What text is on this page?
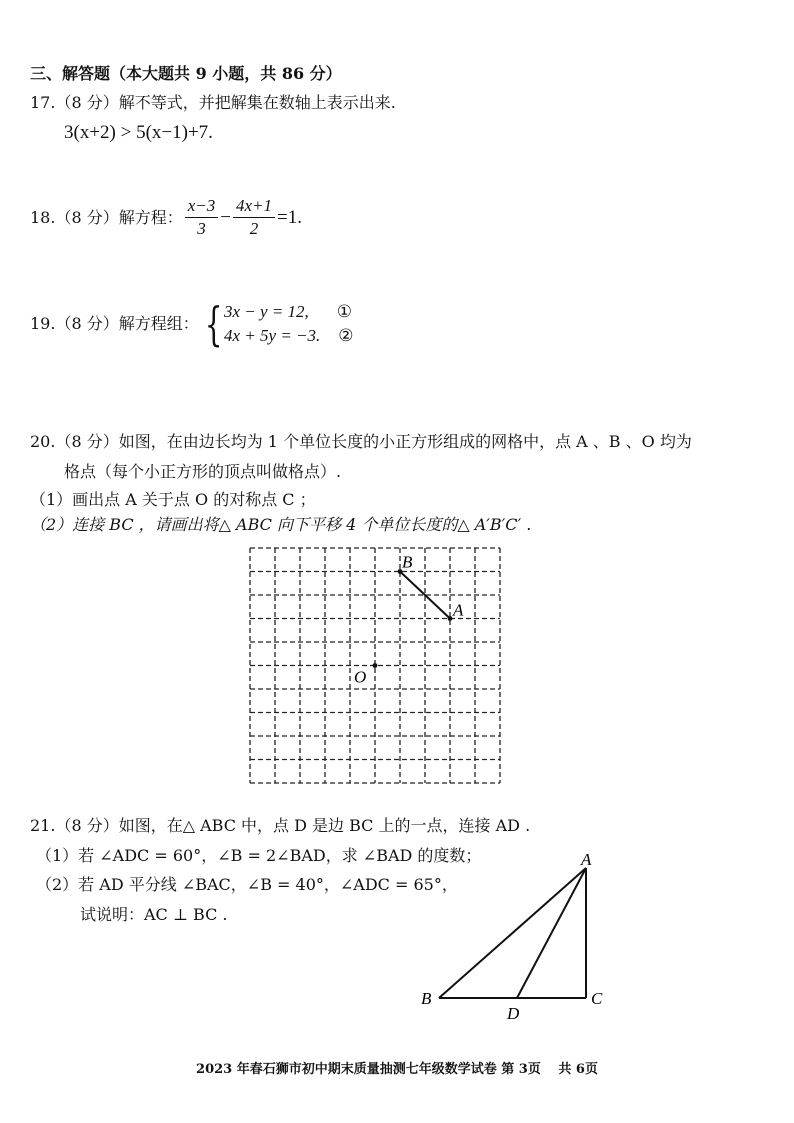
三、解答题（本大题共 9 小题，共 86 分）
17.（8 分）解不等式，并把解集在数轴上表示出来.
3(x+2) > 5(x−1)+7.
18.（8 分）解方程： $\frac{x-3}{3} - \frac{4x+1}{2} =1$.
19.（8 分）解方程组： { 3x − y = 12, ①
4x + 5y = −3. ②
20.（8 分）如图，在由边长均为 1 个单位长度的小正方形组成的网格中，点 A 、B 、O 均为
格点（每个小正方形的顶点叫做格点）.
（1）画出点 A 关于点 O 的对称点 C ；
（2）连接 BC ，请画出将△ ABC 向下平移 4 个单位长度的△ A′B′C′ .
B
A
O
21.（8 分）如图，在△ ABC 中，点 D 是边 BC 上的一点，连接 AD .
（1）若 ∠ADC = 60°，∠B = 2∠BAD，求 ∠BAD 的度数；
（2）若 AD 平分线 ∠BAC，∠B = 40°，∠ADC = 65°，
试说明：AC ⊥ BC .
A
B	C
D
2023 年春石狮市初中期末质量抽测七年级数学试卷 第 3页　 共 6页
